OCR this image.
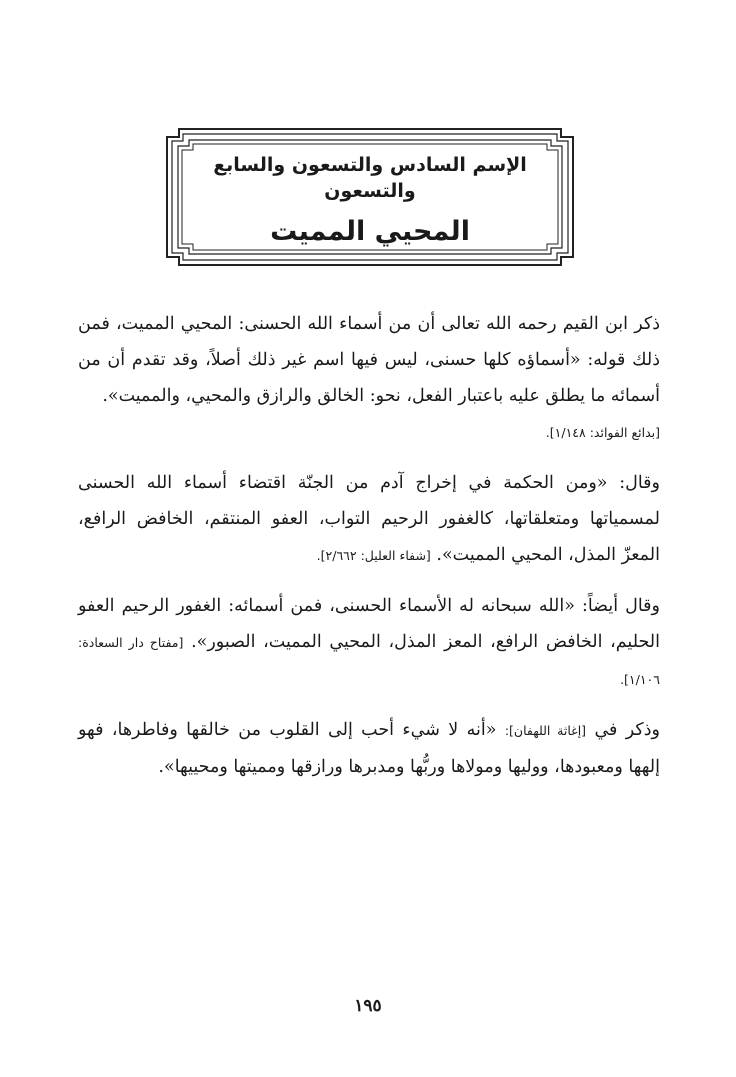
الإسم السادس والتسعون والسابع والتسعون
المحيي المميت

ذكر ابن القيم رحمه الله تعالى أن من أسماء الله الحسنى: المحيي المميت، فمن ذلك قوله: «أسماؤه كلها حسنى، ليس فيها اسم غير ذلك أصلاً، وقد تقدم أن من أسمائه ما يطلق عليه باعتبار الفعل، نحو: الخالق والرازق والمحيي، والمميت».
[بدائع الفوائد: ١/١٤٨].

وقال: «ومن الحكمة في إخراج آدم من الجنّة اقتضاء أسماء الله الحسنى لمسمياتها ومتعلقاتها، كالغفور الرحيم التواب، العفو المنتقم، الخافض الرافع، المعزّ المذل، المحيي المميت». [شفاء العليل: ٢/٦٦٢].

وقال أيضاً: «الله سبحانه له الأسماء الحسنى، فمن أسمائه: الغفور الرحيم العفو الحليم، الخافض الرافع، المعز المذل، المحيي المميت، الصبور». [مفتاح دار السعادة: ١/١٠٦].

وذكر في [إغاثة اللهفان]: «أنه لا شيء أحب إلى القلوب من خالقها وفاطرها، فهو إلهها ومعبودها، ووليها ومولاها وربُّها ومدبرها ورازقها ومميتها ومحييها».

١٩٥
